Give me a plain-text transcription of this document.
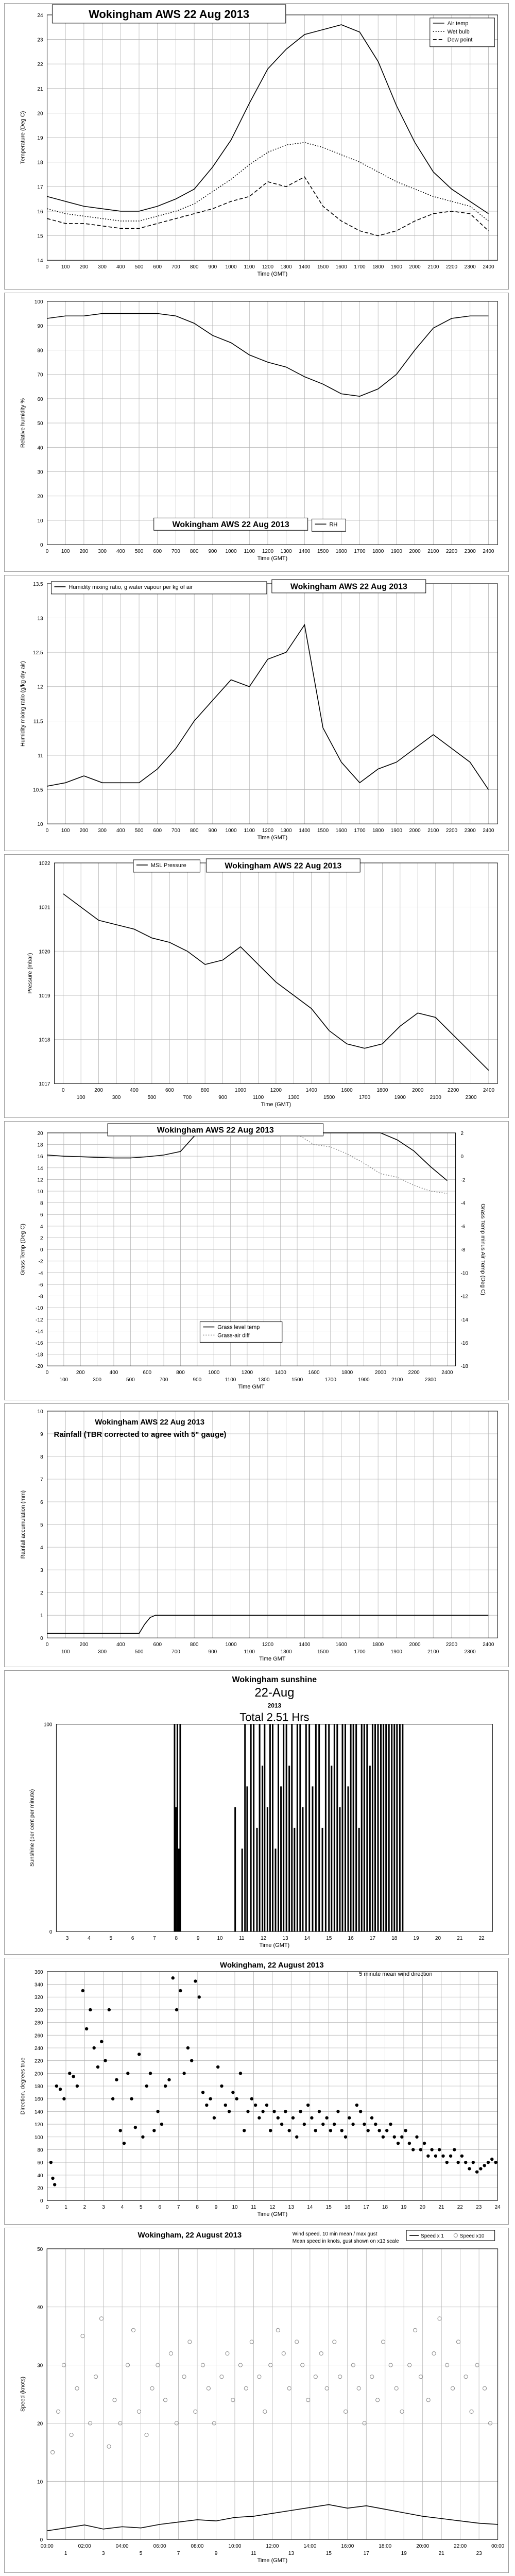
0 100 200 300 400 500 600 700 800 900 1000 1100 1200 1300 1400 1500 1600 1700 1800 1900 2000 2100 2200 2300 2400
14
15
16
17
18
19
20
21
22
23
24
Time (GMT)
Temperature (Deg C)
Wokingham AWS 22 Aug 2013
Air temp
Wet bulb
Dew point
0 100 200 300 400 500 600 700 800 900 1000 1100 1200 1300 1400 1500 1600 1700 1800 1900 2000 2100 2200 2300 2400
0
10
20
30
40
50
60
70
80
90
100
Time (GMT)
Relative humidity %
Wokingham AWS 22 Aug 2013	RH
0 100 200 300 400 500 600 700 800 900 1000 1100 1200 1300 1400 1500 1600 1700 1800 1900 2000 2100 2200 2300 2400
10
10.5
11
11.5
12
12.5
13
13.5
Time (GMT)
Humidity mixing ratio (g/kg dry air)
Humidity mixing ratio, g water vapour per kg of air	Wokingham AWS 22 Aug 2013
0
100
200
300
400
500
600
700
800
900
1000
1100
1200
1300
1400
1500
1600
1700
1800
1900
2000
2100
2200
2300
2400
1017
1018
1019
1020
1021
1022
Time (GMT)
Pressure (mbar)
MSL Pressure	Wokingham AWS 22 Aug 2013
0
100
200
300
400
500
600
700
800
900
1000
1100
1200
1300
1400
1500
1600
1700
1800
1900
2000
2100
2200
2300
2400
-20
-18
-16
-14
-12
-10
-8
-6
-4
-2
0
2
4
6
8
10
12
14
16
18
20
Time GMT
Grass Temp (Deg C)
-18
-16
-14
-12
-10
-8
-6
-4
-2
0
2
Grass Temp minus Air Temp (Deg C)
Wokingham AWS 22 Aug 2013
Grass level temp
Grass-air diff
0
100
200
300
400
500
600
700
800
900
1000
1100
1200
1300
1400
1500
1600
1700
1800
1900
2000
2100
2200
2300
2400
0
1
2
3
4
5
6
7
8
9
10
Time GMT
Rainfall accumulation (mm)
Wokingham AWS 22 Aug 2013
Rainfall (TBR corrected to agree with 5" gauge)
3	4	5	6	7	8	9	10	11	12	13	14	15	16	17	18	19	20	21	22
0
100
Time (GMT)
Sunshine (per cent per minute)
Wokingham sunshine
22-Aug
2013
Total 2.51 Hrs
0	1	2	3	4	5	6	7	8	9	10	11	12	13	14	15	16	17	18	19	20	21	22	23	24
0
20
40
60
80
100
120
140
160
180
200
220
240
260
280
300
320
340
360
Time (GMT)
Direction, degrees true
Wokingham, 22 August 2013
5 minute mean wind direction
00:00
1
02:00
3
04:00
5
06:00
7
08:00
9
10:00
11
12:00
13
14:00
15
16:00
17
18:00
19
20:00
21
22:00
23
00:00
0
10
20
30
40
50
Time (GMT)
Speed (knots)
Wokingham, 22 August 2013	Wind speed, 10 min mean / max gust
Mean speed in knots, gust shown on x13 scale
Speed x 1	Speed x10
